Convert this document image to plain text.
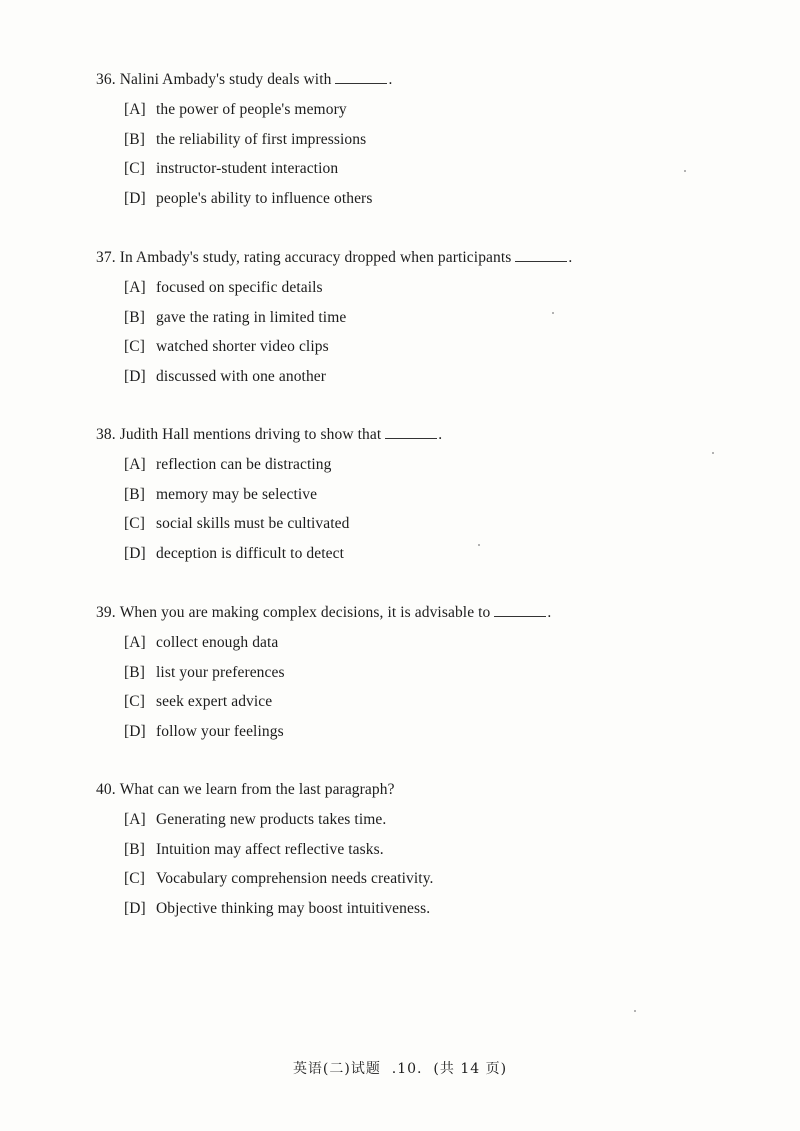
36. Nalini Ambady's study deals with	.
[A] the power of people's memory
[B] the reliability of first impressions
[C] instructor-student interaction
[D] people's ability to influence others
37. In Ambady's study, rating accuracy dropped when participants	.
[A] focused on specific details
[B] gave the rating in limited time
[C] watched shorter video clips
[D] discussed with one another
38. Judith Hall mentions driving to show that	.
[A] reflection can be distracting
[B] memory may be selective
[C] social skills must be cultivated
[D] deception is difficult to detect
39. When you are making complex decisions, it is advisable to	.
[A] collect enough data
[B] list your preferences
[C] seek expert advice
[D] follow your feelings
40. What can we learn from the last paragraph?
[A] Generating new products takes time.
[B] Intuition may affect reflective tasks.
[C] Vocabulary comprehension needs creativity.
[D] Objective thinking may boost intuitiveness.
英语(二)试题 .10. (共 14 页)
